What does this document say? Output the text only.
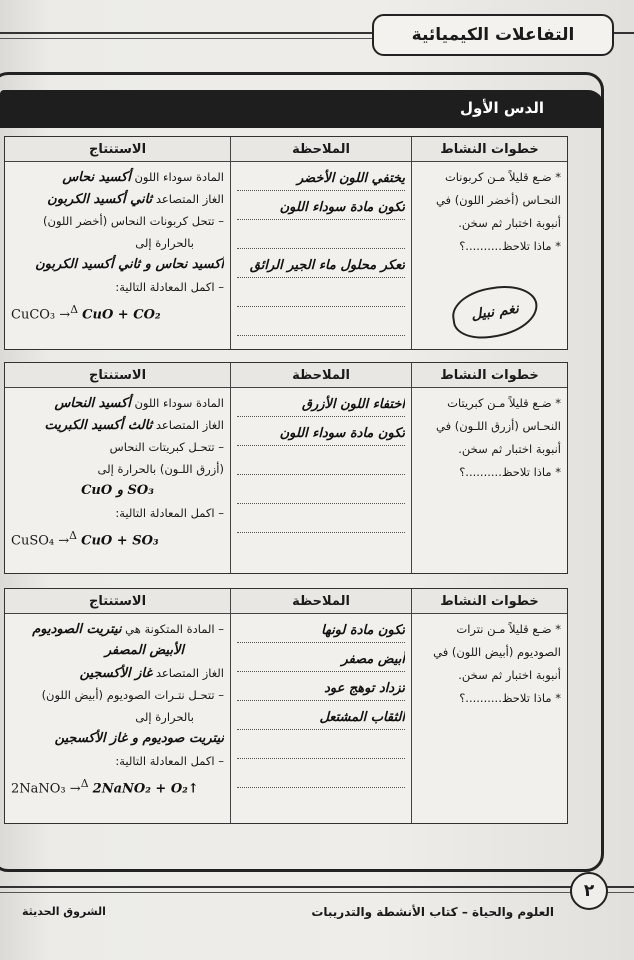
التفاعلات الكيميائية
الدس الأول
خطوات النشاط
* ضـع قليلاً مـن كربونات
النحـاس (أخضر اللون) في
أنبوبة اختبار ثم سخن.
* ماذا تلاحظ..........؟
نغم نبيل
الملاحظة
يختفي اللون الأخضر
تكون مادة سوداء اللون
تعكر محلول ماء الجير الرائق
الاستنتاج
المادة سوداء اللون أكسيد نحاس
الغاز المتصاعد ثاني أكسيد الكربون
– تتحل كربونات النحاس (أخضر اللون)
بالحرارة إلى
أكسيد نحاس و ثاني أكسيد الكربون
– اكمل المعادلة التالية:
CuCO₃ →$^\Delta$ CuO + CO₂
خطوات النشاط
* ضـع قليلاً مـن كبريتات
النحـاس (أزرق اللـون) في
أنبوبة اختبار ثم سخن.
* ماذا تلاحظ..........؟
الملاحظة
اختفاء اللون الأزرق
تكون مادة سوداء اللون
الاستنتاج
المادة سوداء اللون أكسيد النحاس
الغاز المتصاعد ثالث أكسيد الكبريت
– تتحـل كبريتات النحاس
(أزرق اللـون) بالحرارة إلى
SO₃ و CuO
– اكمل المعادلة التالية:
CuSO₄ →$^\Delta$ CuO + SO₃
خطوات النشاط
* ضـع قليلاً مـن نترات
الصوديوم (أبيض اللون) في
أنبوبة اختبار ثم سخن.
* ماذا تلاحظ..........؟
الملاحظة
تكون مادة لونها
أبيض مصفر
تزداد توهج عود
الثقاب المشتعل
الاستنتاج
– المادة المتكونة هي نيتريت الصوديوم
الأبيض المصفر
الغاز المتصاعد غاز الأكسجين
– تتحـل نتـرات الصوديوم (أبيض اللون)
بالحرارة إلى
نيتريت صوديوم و غاز الأكسجين
– اكمل المعادلة التالية:
2NaNO₃ →$^\Delta$ 2NaNO₂ + O₂↑
٢
العلوم والحياة – كتاب الأنشطة والتدريبات
الشروق الحديثة
